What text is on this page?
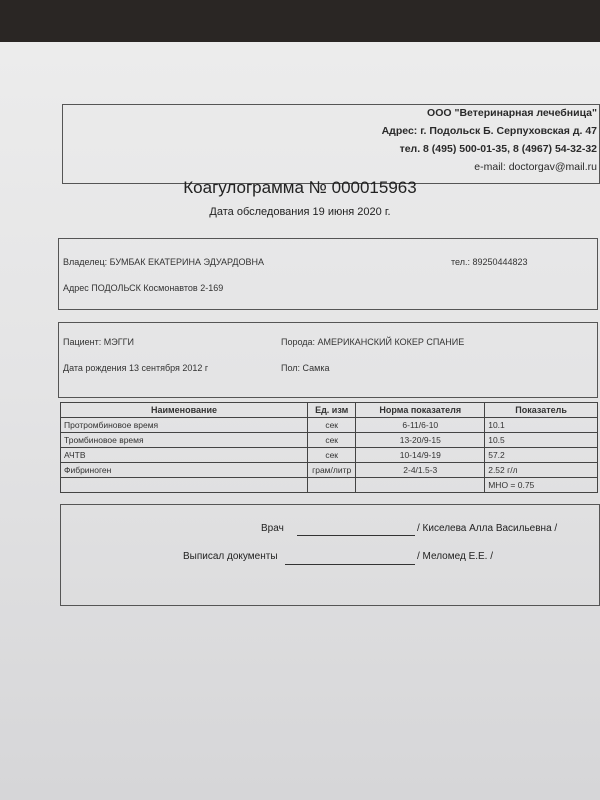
ООО "Ветеринарная лечебница"
Адрес: г. Подольск Б. Серпуховская д. 47
тел. 8 (495) 500-01-35, 8 (4967) 54-32-32
e-mail: doctorgav@mail.ru
Коагулограмма № 000015963
Дата обследования 19 июня 2020 г.
Владелец: БУМБАК ЕКАТЕРИНА ЭДУАРДОВНА	тел.: 89250444823
Адрес ПОДОЛЬСК Космонавтов 2-169
Пациент: МЭГГИ	Порода: АМЕРИКАНСКИЙ КОКЕР СПАНИЕ
Дата рождения 13 сентября 2012 г	Пол: Самка
Наименование	Ед. изм	Норма показателя	Показатель
Протромбиновое время	сек	6-11/6-10	10.1
Тромбиновое время	сек	13-20/9-15	10.5
АЧТВ	сек	10-14/9-19	57.2
Фибриноген	грам/литр	2-4/1.5-3	2.52 г/л
			МНО = 0.75
Врач	/ Киселева Алла Васильевна /
Выписал документы	/ Меломед Е.Е. /
